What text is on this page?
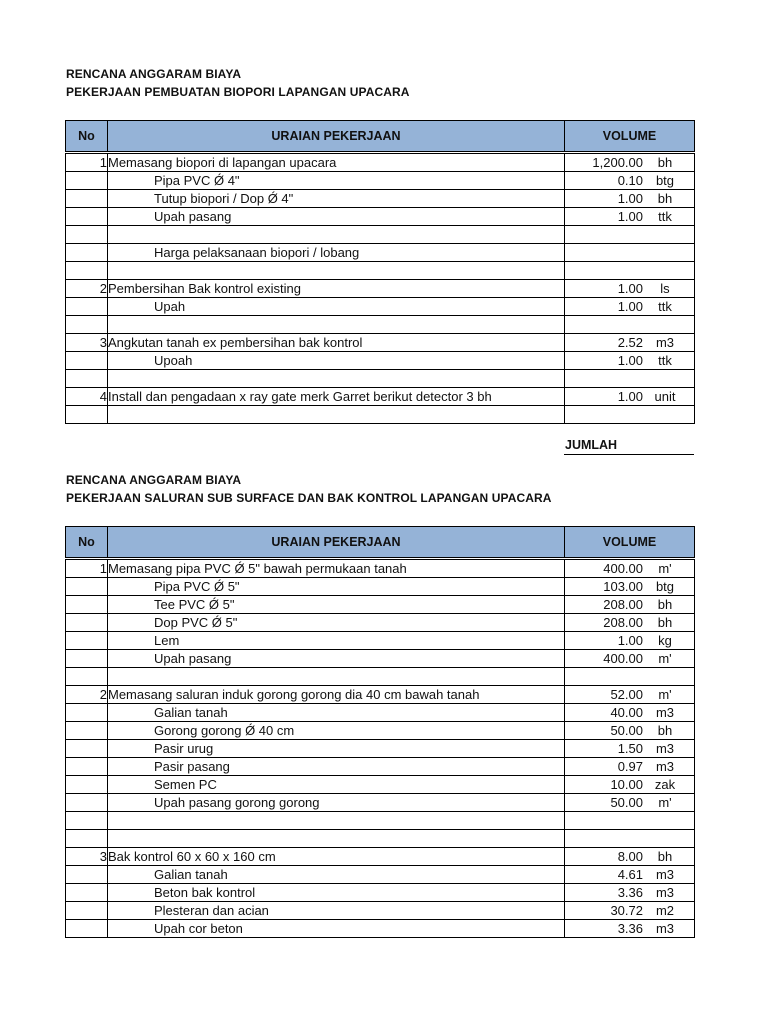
RENCANA ANGGARAM BIAYA
PEKERJAAN PEMBUATAN BIOPORI LAPANGAN UPACARA
No	URAIAN PEKERJAAN	VOLUME
1	Memasang biopori di lapangan upacara	1,200.00 bh

	Pipa PVC Ǿ 4"	0.10 btg

	Tutup biopori / Dop Ǿ 4"	1.00 bh

	Upah pasang	1.00 ttk

	Harga pelaksanaan biopori / lobang	

2	Pembersihan Bak kontrol existing	1.00 ls

	Upah	1.00 ttk

3	Angkutan tanah ex pembersihan bak kontrol	2.52 m3

	Upoah	1.00 ttk

4	Install dan pengadaan x ray gate merk Garret berikut detector 3 bh	1.00 unit

JUMLAH
RENCANA ANGGARAM BIAYA
PEKERJAAN SALURAN SUB SURFACE DAN BAK KONTROL LAPANGAN UPACARA
No	URAIAN PEKERJAAN	VOLUME
1	Memasang pipa PVC Ǿ 5" bawah permukaan tanah	400.00 m'

	Pipa PVC Ǿ 5"	103.00 btg

	Tee PVC Ǿ 5"	208.00 bh

	Dop PVC Ǿ 5"	208.00 bh

	Lem	1.00 kg

	Upah pasang	400.00 m'

2	Memasang saluran induk gorong gorong dia 40 cm bawah tanah	52.00 m'

	Galian tanah	40.00 m3

	Gorong gorong Ǿ 40 cm	50.00 bh

	Pasir urug	1.50 m3

	Pasir pasang	0.97 m3

	Semen PC	10.00 zak

	Upah pasang gorong gorong	50.00 m'

3	Bak kontrol 60 x 60 x 160 cm	8.00 bh

	Galian tanah	4.61 m3

	Beton bak kontrol	3.36 m3

	Plesteran dan acian	30.72 m2

	Upah cor beton	3.36 m3
